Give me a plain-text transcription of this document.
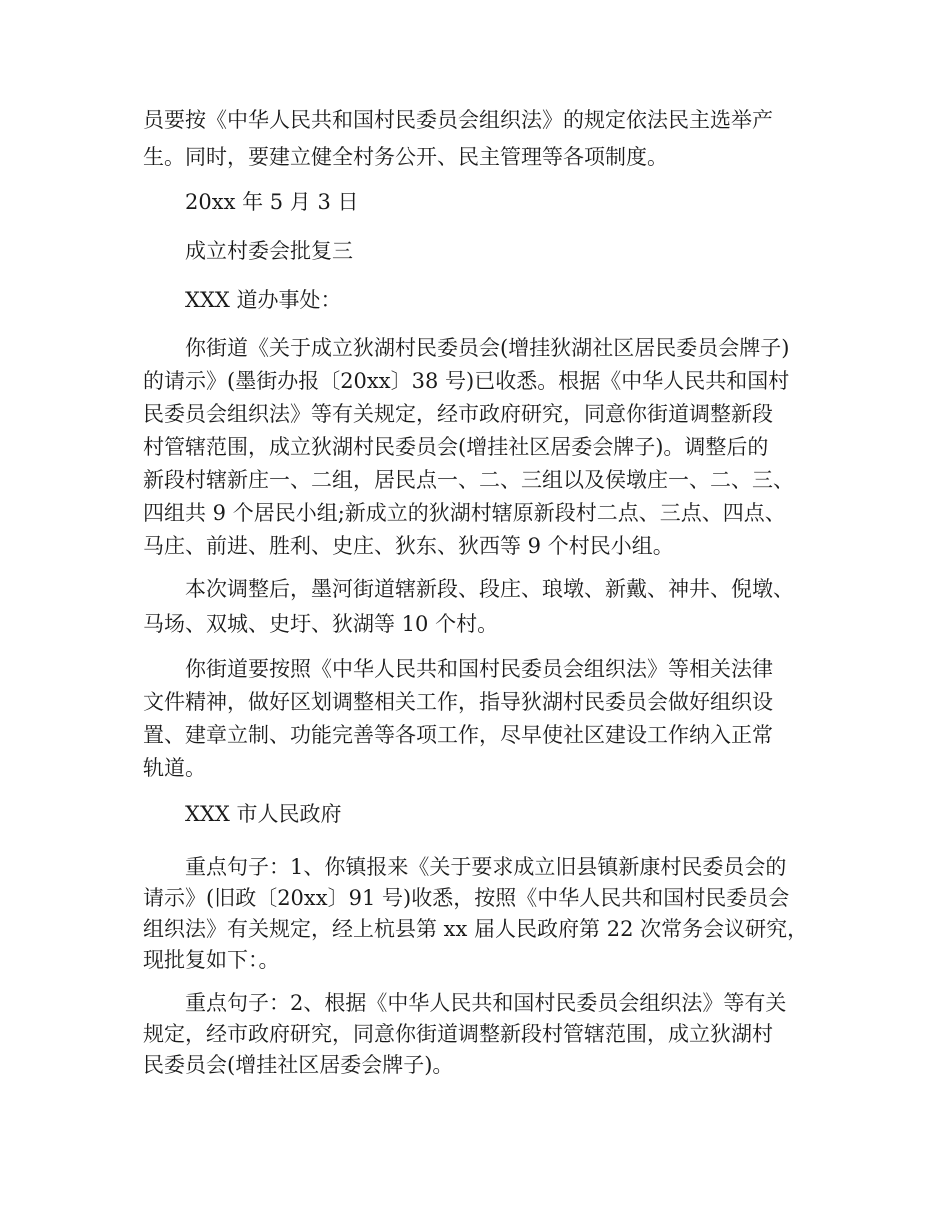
员要按《中华人民共和国村民委员会组织法》的规定依法民主选举产
生。同时，要建立健全村务公开、民主管理等各项制度。
20xx 年 5 月 3 日
成立村委会批复三
XXX 道办事处：
你街道《关于成立狄湖村民委员会(增挂狄湖社区居民委员会牌子)
的请示》(墨街办报〔20xx〕38 号)已收悉。根据《中华人民共和国村
民委员会组织法》等有关规定，经市政府研究，同意你街道调整新段
村管辖范围，成立狄湖村民委员会(增挂社区居委会牌子)。调整后的
新段村辖新庄一、二组，居民点一、二、三组以及侯墩庄一、二、三、
四组共 9 个居民小组;新成立的狄湖村辖原新段村二点、三点、四点、
马庄、前进、胜利、史庄、狄东、狄西等 9 个村民小组。
本次调整后，墨河街道辖新段、段庄、琅墩、新戴、神井、倪墩、
马场、双城、史圩、狄湖等 10 个村。
你街道要按照《中华人民共和国村民委员会组织法》等相关法律
文件精神，做好区划调整相关工作，指导狄湖村民委员会做好组织设
置、建章立制、功能完善等各项工作，尽早使社区建设工作纳入正常
轨道。
XXX 市人民政府
重点句子：1、你镇报来《关于要求成立旧县镇新康村民委员会的
请示》(旧政〔20xx〕91 号)收悉，按照《中华人民共和国村民委员会
组织法》有关规定，经上杭县第 xx 届人民政府第 22 次常务会议研究，
现批复如下：。
重点句子：2、根据《中华人民共和国村民委员会组织法》等有关
规定，经市政府研究，同意你街道调整新段村管辖范围，成立狄湖村
民委员会(增挂社区居委会牌子)。
